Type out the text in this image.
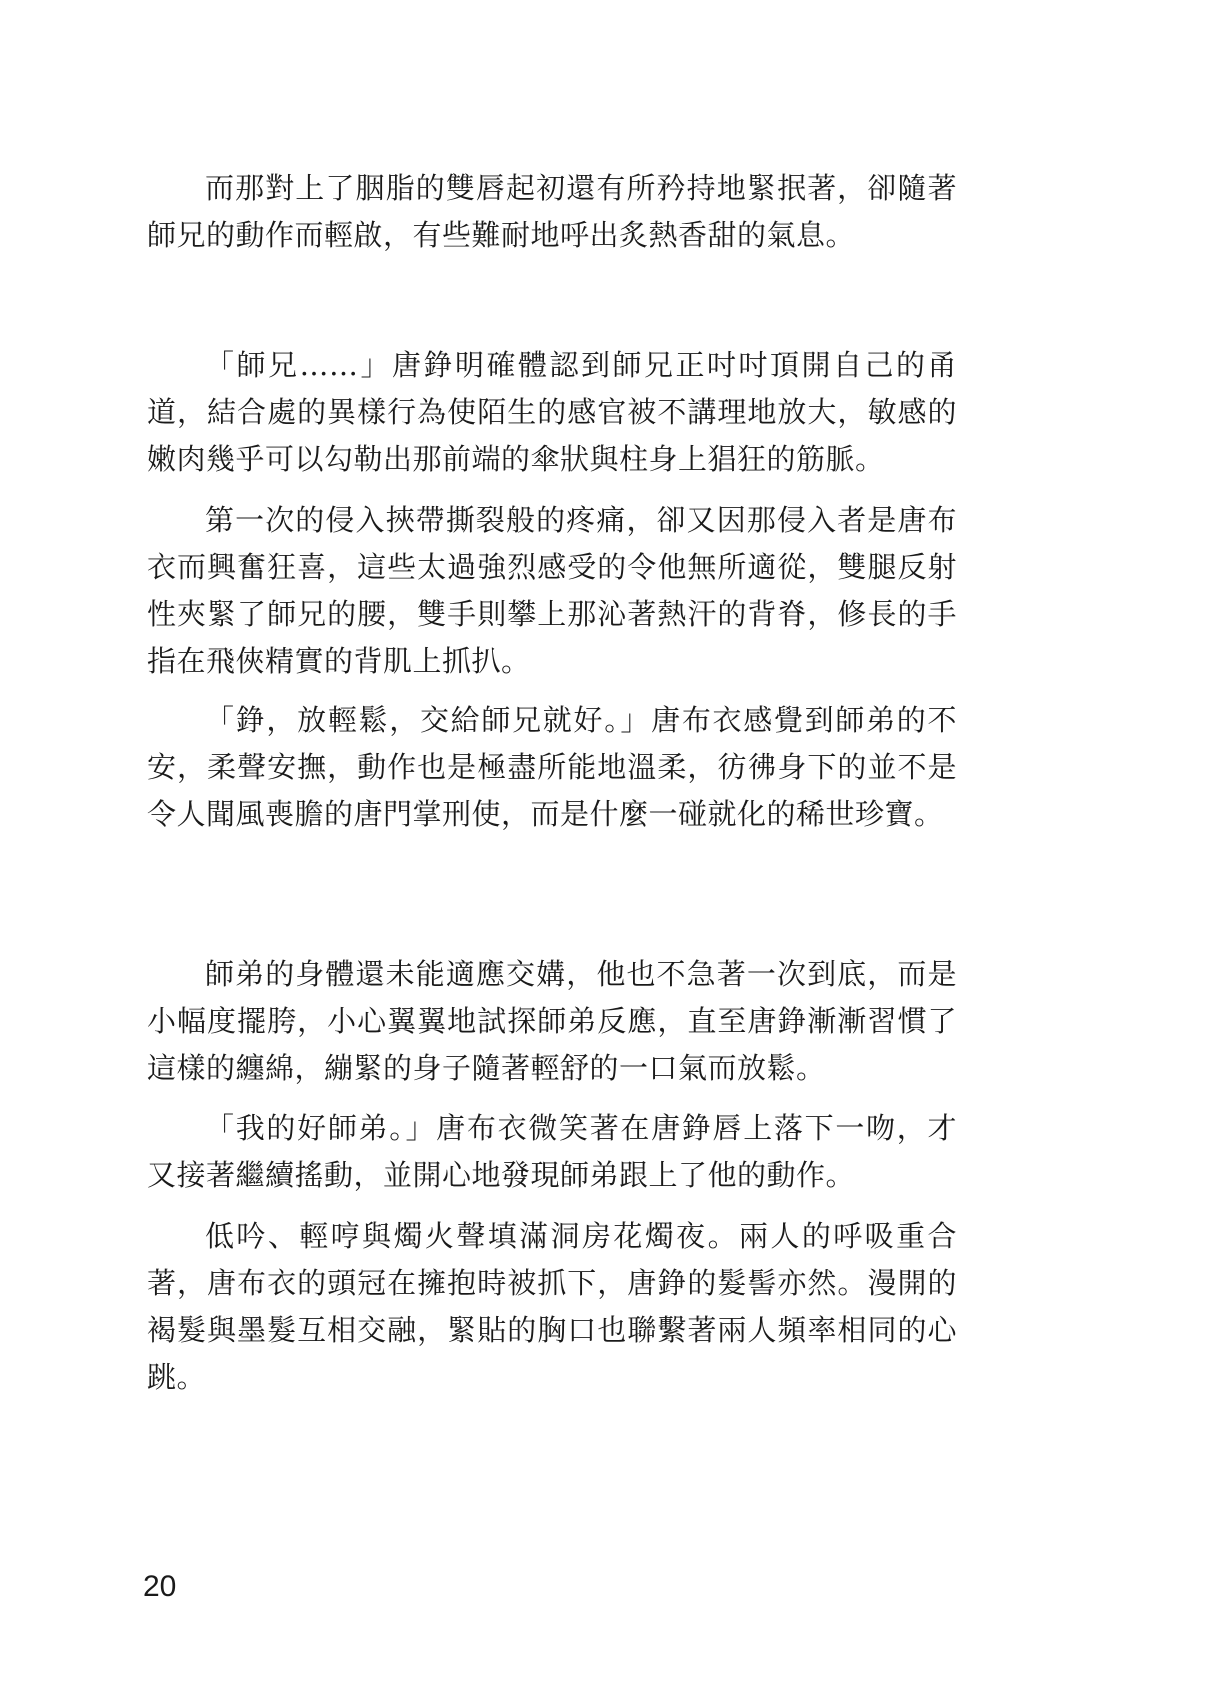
而那對上了胭脂的雙唇起初還有所矜持地緊抿著，卻隨著師兄的動作而輕啟，有些難耐地呼出炙熱香甜的氣息。

「師兄……」唐錚明確體認到師兄正吋吋頂開自己的甬道，結合處的異樣行為使陌生的感官被不講理地放大，敏感的嫩肉幾乎可以勾勒出那前端的傘狀與柱身上猖狂的筋脈。

第一次的侵入挾帶撕裂般的疼痛，卻又因那侵入者是唐布衣而興奮狂喜，這些太過強烈感受的令他無所適從，雙腿反射性夾緊了師兄的腰，雙手則攀上那沁著熱汗的背脊，修長的手指在飛俠精實的背肌上抓扒。

「錚，放輕鬆，交給師兄就好。」唐布衣感覺到師弟的不安，柔聲安撫，動作也是極盡所能地溫柔，彷彿身下的並不是令人聞風喪膽的唐門掌刑使，而是什麼一碰就化的稀世珍寶。

師弟的身體還未能適應交媾，他也不急著一次到底，而是小幅度擺胯，小心翼翼地試探師弟反應，直至唐錚漸漸習慣了這樣的纏綿，繃緊的身子隨著輕舒的一口氣而放鬆。

「我的好師弟。」唐布衣微笑著在唐錚唇上落下一吻，才又接著繼續搖動，並開心地發現師弟跟上了他的動作。

低吟、輕哼與燭火聲填滿洞房花燭夜。兩人的呼吸重合著，唐布衣的頭冠在擁抱時被抓下，唐錚的髮髻亦然。漫開的褐髮與墨髮互相交融，緊貼的胸口也聯繫著兩人頻率相同的心跳。

20
